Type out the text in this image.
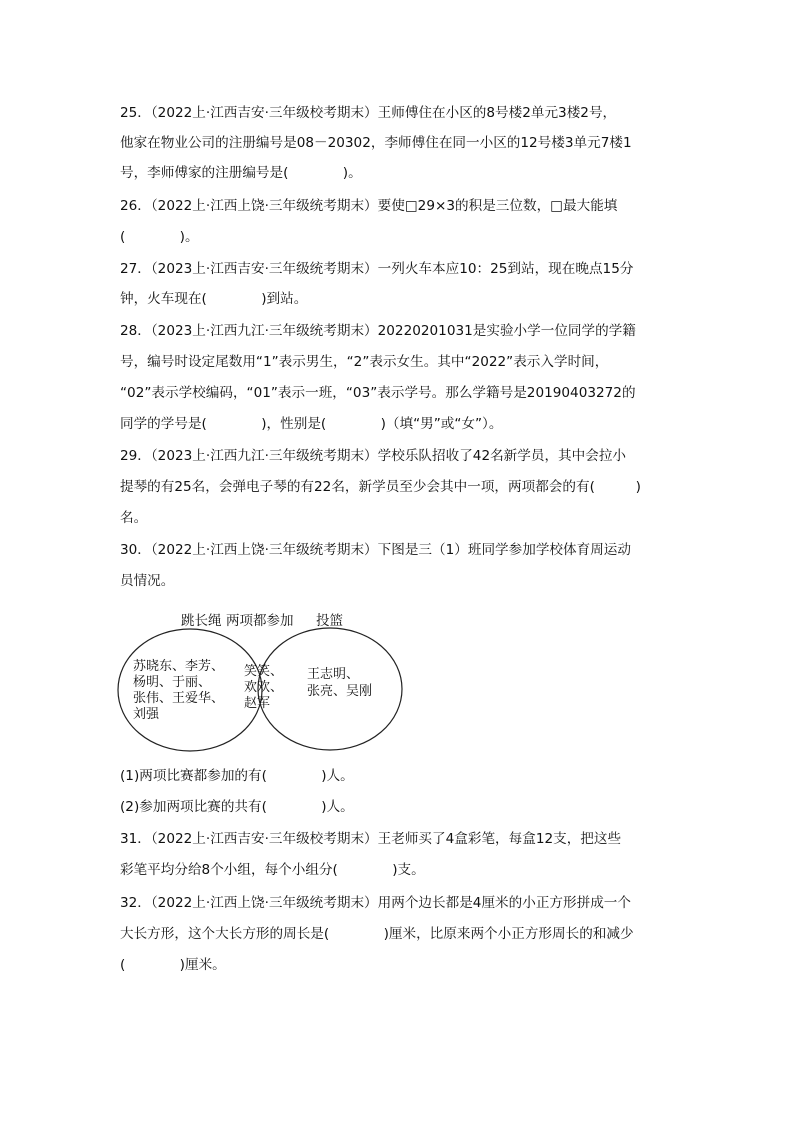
25．（2022上·江西吉安·三年级校考期末）王师傅住在小区的8号楼2单元3楼2号，
他家在物业公司的注册编号是08－20302，李师傅住在同一小区的12号楼3单元7楼1
号，李师傅家的注册编号是(　　　　)。
26．（2022上·江西上饶·三年级统考期末）要使□29×3的积是三位数，□最大能填
(　　　　)。
27．（2023上·江西吉安·三年级统考期末）一列火车本应10：25到站，现在晚点15分
钟，火车现在(　　　　)到站。
28．（2023上·江西九江·三年级统考期末）20220201031是实验小学一位同学的学籍
号，编号时设定尾数用“1”表示男生，“2”表示女生。其中“2022”表示入学时间，
“02”表示学校编码，“01”表示一班，“03”表示学号。那么学籍号是20190403272的
同学的学号是(　　　　)，性别是(　　　　)（填“男”或“女”）。
29．（2023上·江西九江·三年级统考期末）学校乐队招收了42名新学员，其中会拉小
提琴的有25名，会弹电子琴的有22名，新学员至少会其中一项，两项都会的有(　　　)
名。
30．（2022上·江西上饶·三年级统考期末）下图是三（1）班同学参加学校体育周运动
员情况。
跳长绳 两项都参加 投篮
苏晓东、李芳、
杨明、于丽、
张伟、王爱华、
刘强
笑笑、
欢欢、
赵军
王志明、
张亮、吴刚
(1)两项比赛都参加的有(　　　　)人。
(2)参加两项比赛的共有(　　　　)人。
31．（2022上·江西吉安·三年级校考期末）王老师买了4盒彩笔，每盒12支，把这些
彩笔平均分给8个小组，每个小组分(　　　　)支。
32．（2022上·江西上饶·三年级统考期末）用两个边长都是4厘米的小正方形拼成一个
大长方形，这个大长方形的周长是(　　　　)厘米，比原来两个小正方形周长的和减少
(　　　　)厘米。
